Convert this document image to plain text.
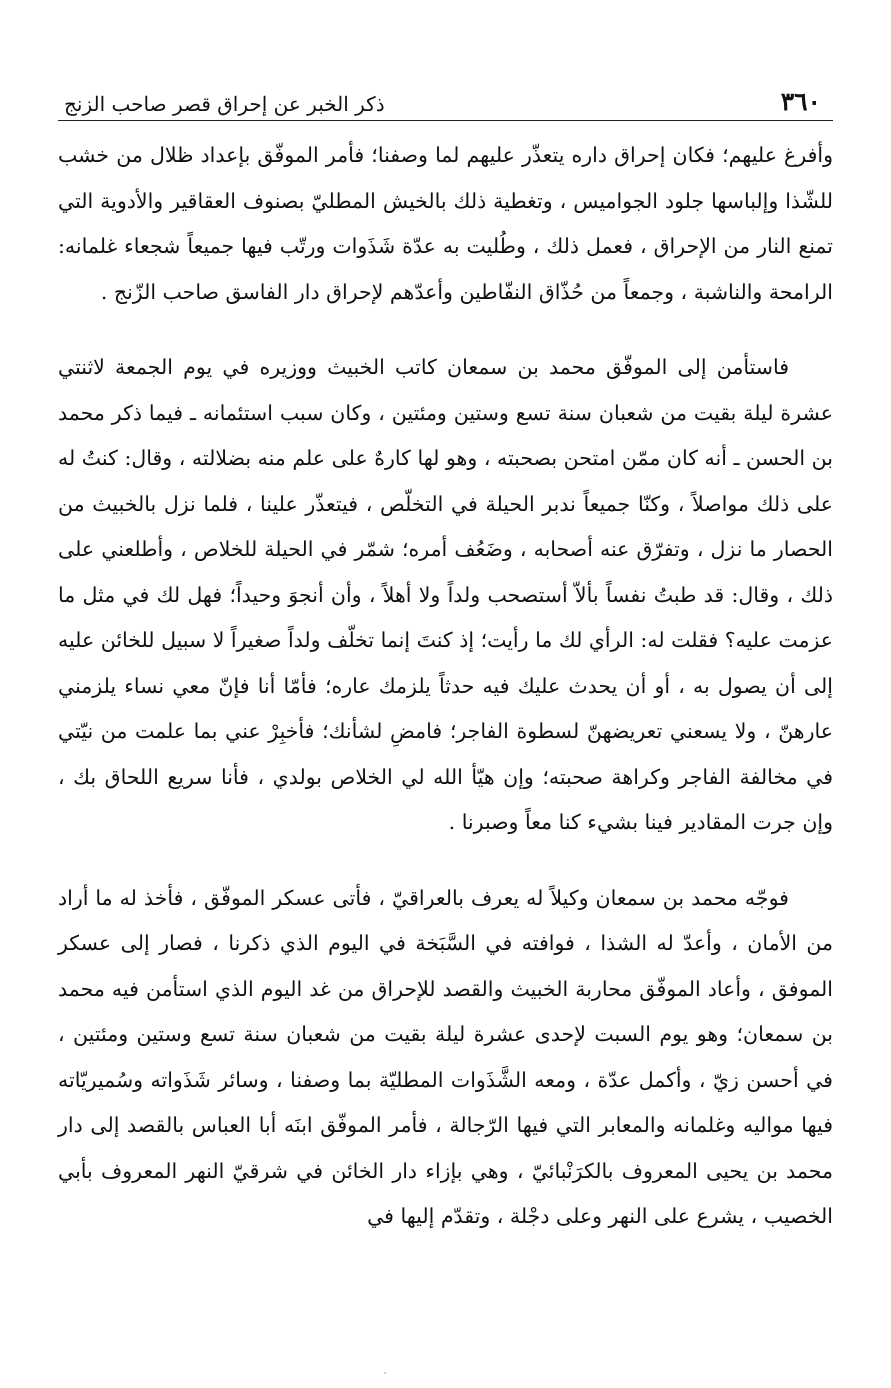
٣٦٠
ذكر الخبر عن إحراق قصر صاحب الزنج

وأفرغ عليهم؛ فكان إحراق داره يتعذّر عليهم لما وصفنا؛ فأمر الموفّق بإعداد ظلال من خشب للشّذا وإلباسها جلود الجواميس ، وتغطية ذلك بالخيش المطليّ بصنوف العقاقير والأدوية التي تمنع النار من الإحراق ، فعمل ذلك ، وطُليت به عدّة شَذَوات ورتّب فيها جميعاً شجعاء غلمانه: الرامحة والناشبة ، وجمعاً من حُذّاق النفّاطين وأعدّهم لإحراق دار الفاسق صاحب الزّنج .

فاستأمن إلى الموفّق محمد بن سمعان كاتب الخبيث ووزيره في يوم الجمعة لاثنتي عشرة ليلة بقيت من شعبان سنة تسع وستين ومئتين ، وكان سبب استئمانه ـ فيما ذكر محمد بن الحسن ـ أنه كان ممّن امتحن بصحبته ، وهو لها كارهٌ على علم منه بضلالته ، وقال: كنتُ له على ذلك مواصلاً ، وكنّا جميعاً ندبر الحيلة في التخلّص ، فيتعذّر علينا ، فلما نزل بالخبيث من الحصار ما نزل ، وتفرّق عنه أصحابه ، وضَعُف أمره؛ شمّر في الحيلة للخلاص ، وأطلعني على ذلك ، وقال: قد طبتُ نفساً بألاّ أستصحب ولداً ولا أهلاً ، وأن أنجوَ وحيداً؛ فهل لك في مثل ما عزمت عليه؟ فقلت له: الرأي لك ما رأيت؛ إذ كنتَ إنما تخلّف ولداً صغيراً لا سبيل للخائن عليه إلى أن يصول به ، أو أن يحدث عليك فيه حدثاً يلزمك عاره؛ فأمّا أنا فإنّ معي نساء يلزمني عارهنّ ، ولا يسعني تعريضهنّ لسطوة الفاجر؛ فامضِ لشأنك؛ فأخبِرْ عني بما علمت من نيّتي في مخالفة الفاجر وكراهة صحبته؛ وإن هيّأ الله لي الخلاص بولدي ، فأنا سريع اللحاق بك ، وإن جرت المقادير فينا بشيء كنا معاً وصبرنا .

فوجّه محمد بن سمعان وكيلاً له يعرف بالعراقيّ ، فأتى عسكر الموفّق ، فأخذ له ما أراد من الأمان ، وأعدّ له الشذا ، فوافته في السَّبَخة في اليوم الذي ذكرنا ، فصار إلى عسكر الموفق ، وأعاد الموفّق محاربة الخبيث والقصد للإحراق من غد اليوم الذي استأمن فيه محمد بن سمعان؛ وهو يوم السبت لإحدى عشرة ليلة بقيت من شعبان سنة تسع وستين ومئتين ، في أحسن زيّ ، وأكمل عدّة ، ومعه الشَّذَوات المطليّة بما وصفنا ، وسائر شَذَواته وسُميريّاته فيها مواليه وغلمانه والمعابر التي فيها الرّجالة ، فأمر الموفّق ابنَه أبا العباس بالقصد إلى دار محمد بن يحيى المعروف بالكرَنْبائيّ ، وهي بإزاء دار الخائن في شرقيّ النهر المعروف بأبي الخصيب ، يشرع على النهر وعلى دجْلة ، وتقدّم إليها في
